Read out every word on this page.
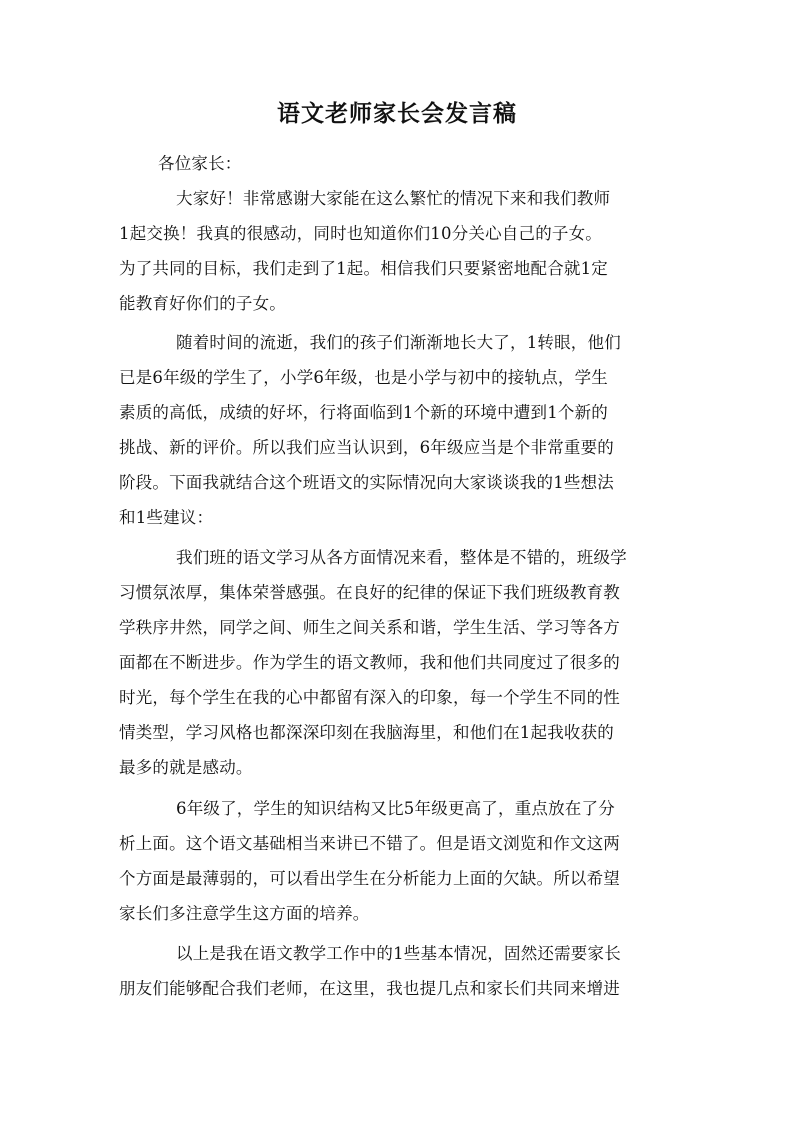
语文老师家长会发言稿
各位家长：
大家好！非常感谢大家能在这么繁忙的情况下来和我们教师
1起交换！我真的很感动，同时也知道你们10分关心自己的子女。
为了共同的目标，我们走到了1起。相信我们只要紧密地配合就1定
能教育好你们的子女。
随着时间的流逝，我们的孩子们渐渐地长大了，1转眼，他们
已是6年级的学生了，小学6年级，也是小学与初中的接轨点，学生
素质的高低，成绩的好坏，行将面临到1个新的环境中遭到1个新的
挑战、新的评价。所以我们应当认识到，6年级应当是个非常重要的
阶段。下面我就结合这个班语文的实际情况向大家谈谈我的1些想法
和1些建议：
我们班的语文学习从各方面情况来看，整体是不错的，班级学
习惯氛浓厚，集体荣誉感强。在良好的纪律的保证下我们班级教育教
学秩序井然，同学之间、师生之间关系和谐，学生生活、学习等各方
面都在不断进步。作为学生的语文教师，我和他们共同度过了很多的
时光，每个学生在我的心中都留有深入的印象，每一个学生不同的性
情类型，学习风格也都深深印刻在我脑海里，和他们在1起我收获的
最多的就是感动。
6年级了，学生的知识结构又比5年级更高了，重点放在了分
析上面。这个语文基础相当来讲已不错了。但是语文浏览和作文这两
个方面是最薄弱的，可以看出学生在分析能力上面的欠缺。所以希望
家长们多注意学生这方面的培养。
以上是我在语文教学工作中的1些基本情况，固然还需要家长
朋友们能够配合我们老师，在这里，我也提几点和家长们共同来增进
